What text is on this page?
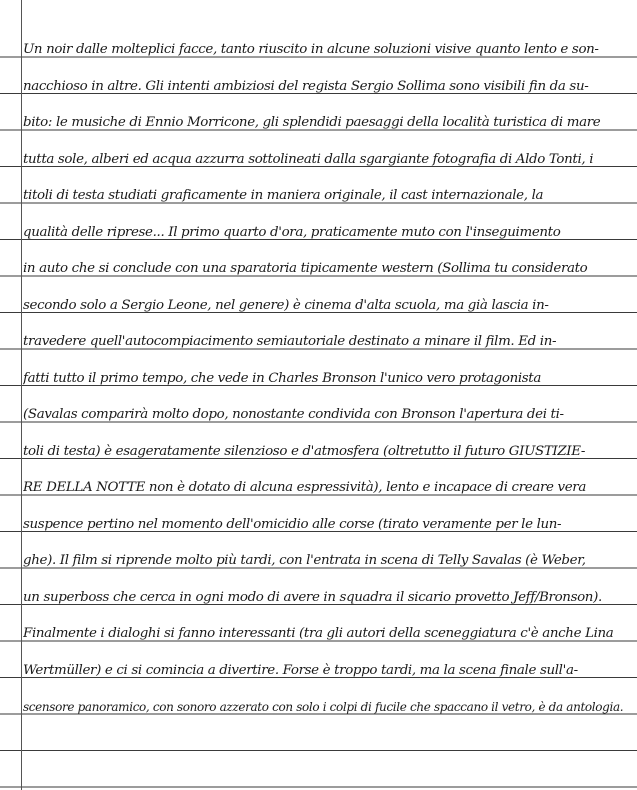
Un noir dalle molteplici facce, tanto riuscito in alcune soluzioni visive quanto lento e son-
nacchioso in altre. Gli intenti ambiziosi del regista Sergio Sollima sono visibili fin da su-
bito: le musiche di Ennio Morricone, gli splendidi paesaggi della località turistica di mare
tutta sole, alberi ed acqua azzurra sottolineati dalla sgargiante fotografia di Aldo Tonti, i
titoli di testa studiati graficamente in maniera originale, il cast internazionale, la
qualità delle riprese... Il primo quarto d'ora, praticamente muto con l'inseguimento
in auto che si conclude con una sparatoria tipicamente western (Sollima tu considerato
secondo solo a Sergio Leone, nel genere) è cinema d'alta scuola, ma già lascia in-
travedere quell'autocompiacimento semiautoriale destinato a minare il film. Ed in-
fatti tutto il primo tempo, che vede in Charles Bronson l'unico vero protagonista
(Savalas comparirà molto dopo, nonostante condivida con Bronson l'apertura dei ti-
toli di testa) è esageratamente silenzioso e d'atmosfera (oltretutto il futuro GIUSTIZIE-
RE DELLA NOTTE non è dotato di alcuna espressività), lento e incapace di creare vera
suspence pertino nel momento dell'omicidio alle corse (tirato veramente per le lun-
ghe). Il film si riprende molto più tardi, con l'entrata in scena di Telly Savalas (è Weber,
un superboss che cerca in ogni modo di avere in squadra il sicario provetto Jeff/Bronson).
Finalmente i dialoghi si fanno interessanti (tra gli autori della sceneggiatura c'è anche Lina
Wertmüller) e ci si comincia a divertire. Forse è troppo tardi, ma la scena finale sull'a-
scensore panoramico, con sonoro azzerato con solo i colpi di fucile che spaccano il vetro, è da antologia.
